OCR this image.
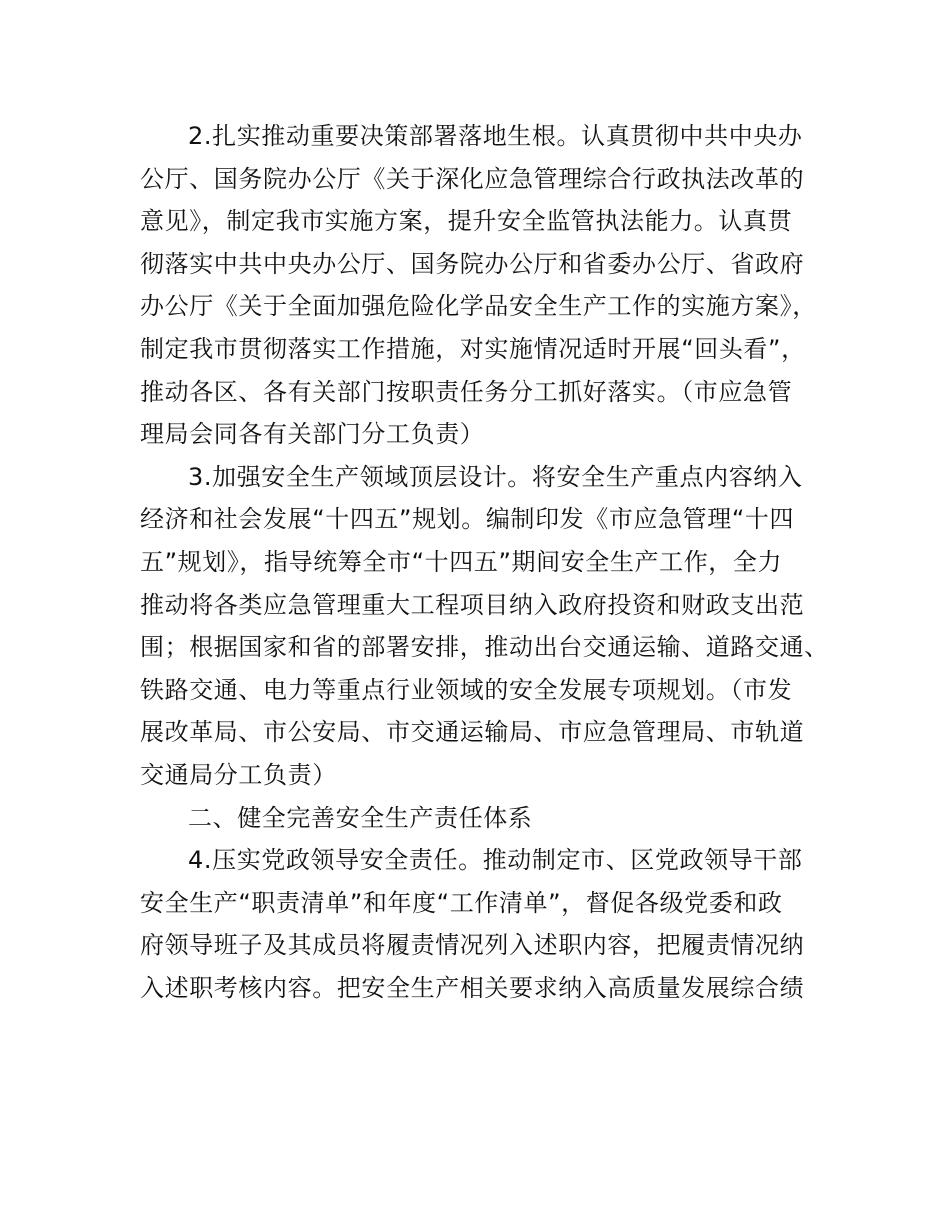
2.扎实推动重要决策部署落地生根。认真贯彻中共中央办
公厅、国务院办公厅《关于深化应急管理综合行政执法改革的
意见》，制定我市实施方案，提升安全监管执法能力。认真贯
彻落实中共中央办公厅、国务院办公厅和省委办公厅、省政府
办公厅《关于全面加强危险化学品安全生产工作的实施方案》，
制定我市贯彻落实工作措施，对实施情况适时开展“回头看”，
推动各区、各有关部门按职责任务分工抓好落实。（市应急管
理局会同各有关部门分工负责）
3.加强安全生产领域顶层设计。将安全生产重点内容纳入
经济和社会发展“十四五”规划。编制印发《市应急管理“十四
五”规划》，指导统筹全市“十四五”期间安全生产工作，全力
推动将各类应急管理重大工程项目纳入政府投资和财政支出范
围；根据国家和省的部署安排，推动出台交通运输、道路交通、
铁路交通、电力等重点行业领域的安全发展专项规划。（市发
展改革局、市公安局、市交通运输局、市应急管理局、市轨道
交通局分工负责）
二、健全完善安全生产责任体系
4.压实党政领导安全责任。推动制定市、区党政领导干部
安全生产“职责清单”和年度“工作清单”，督促各级党委和政
府领导班子及其成员将履责情况列入述职内容，把履责情况纳
入述职考核内容。把安全生产相关要求纳入高质量发展综合绩
